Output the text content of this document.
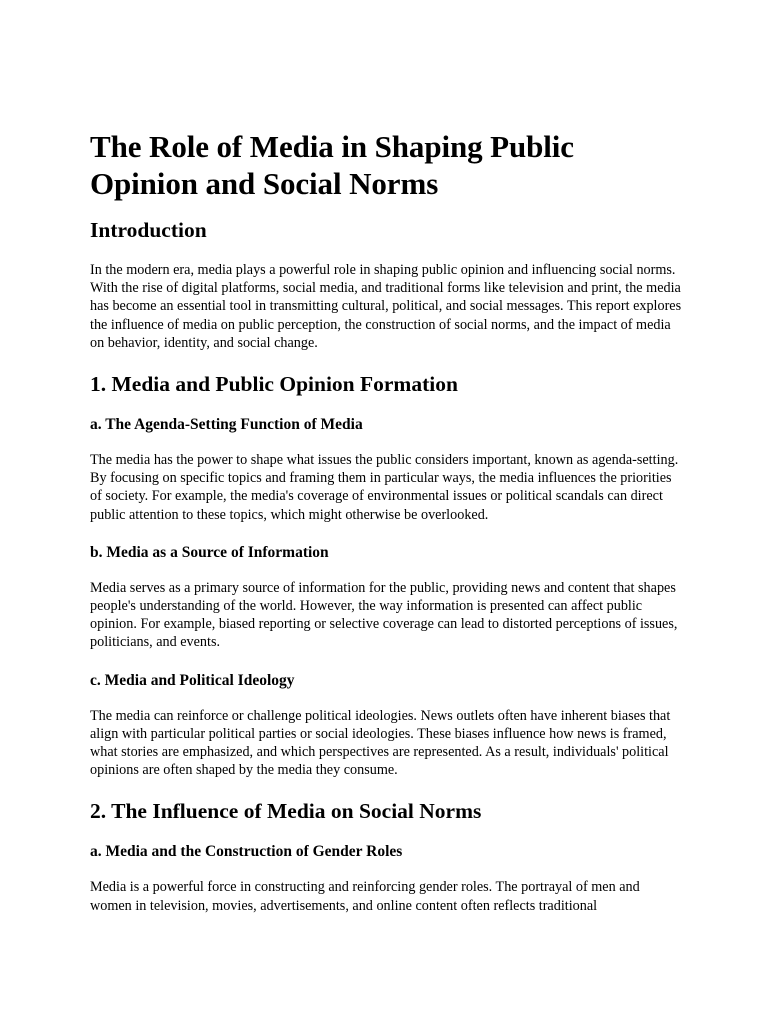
The Role of Media in Shaping Public Opinion and Social Norms
Introduction

In the modern era, media plays a powerful role in shaping public opinion and influencing social norms. With the rise of digital platforms, social media, and traditional forms like television and print, the media has become an essential tool in transmitting cultural, political, and social messages. This report explores the influence of media on public perception, the construction of social norms, and the impact of media on behavior, identity, and social change.

1. Media and Public Opinion Formation
a. The Agenda-Setting Function of Media

The media has the power to shape what issues the public considers important, known as agenda-setting. By focusing on specific topics and framing them in particular ways, the media influences the priorities of society. For example, the media's coverage of environmental issues or political scandals can direct public attention to these topics, which might otherwise be overlooked.

b. Media as a Source of Information

Media serves as a primary source of information for the public, providing news and content that shapes people's understanding of the world. However, the way information is presented can affect public opinion. For example, biased reporting or selective coverage can lead to distorted perceptions of issues, politicians, and events.

c. Media and Political Ideology

The media can reinforce or challenge political ideologies. News outlets often have inherent biases that align with particular political parties or social ideologies. These biases influence how news is framed, what stories are emphasized, and which perspectives are represented. As a result, individuals' political opinions are often shaped by the media they consume.

2. The Influence of Media on Social Norms
a. Media and the Construction of Gender Roles

Media is a powerful force in constructing and reinforcing gender roles. The portrayal of men and women in television, movies, advertisements, and online content often reflects traditional
